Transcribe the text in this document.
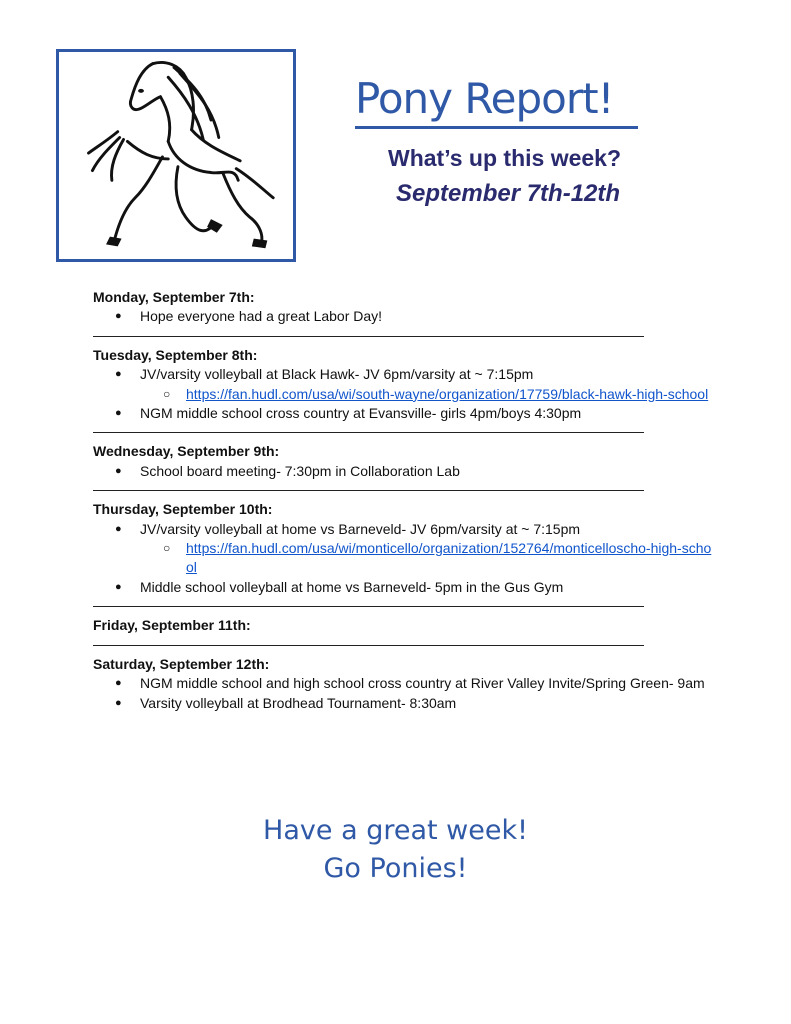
Pony Report!
What’s up this week?
September 7th-12th

Monday, September 7th:

● Hope everyone had a great Labor Day!

Tuesday, September 8th:

● JV/varsity volleyball at Black Hawk- JV 6pm/varsity at ~ 7:15pm
○ https://fan.hudl.com/usa/wi/south-wayne/organization/17759/black-hawk-high-school
● NGM middle school cross country at Evansville- girls 4pm/boys 4:30pm

Wednesday, September 9th:

● School board meeting- 7:30pm in Collaboration Lab

Thursday, September 10th:

● JV/varsity volleyball at home vs Barneveld- JV 6pm/varsity at ~ 7:15pm
○ https://fan.hudl.com/usa/wi/monticello/organization/152764/monticelloscho-high-school
● Middle school volleyball at home vs Barneveld- 5pm in the Gus Gym

Friday, September 11th:

Saturday, September 12th:

● NGM middle school and high school cross country at River Valley Invite/Spring Green- 9am
● Varsity volleyball at Brodhead Tournament- 8:30am
Have a great week!

Go Ponies!
